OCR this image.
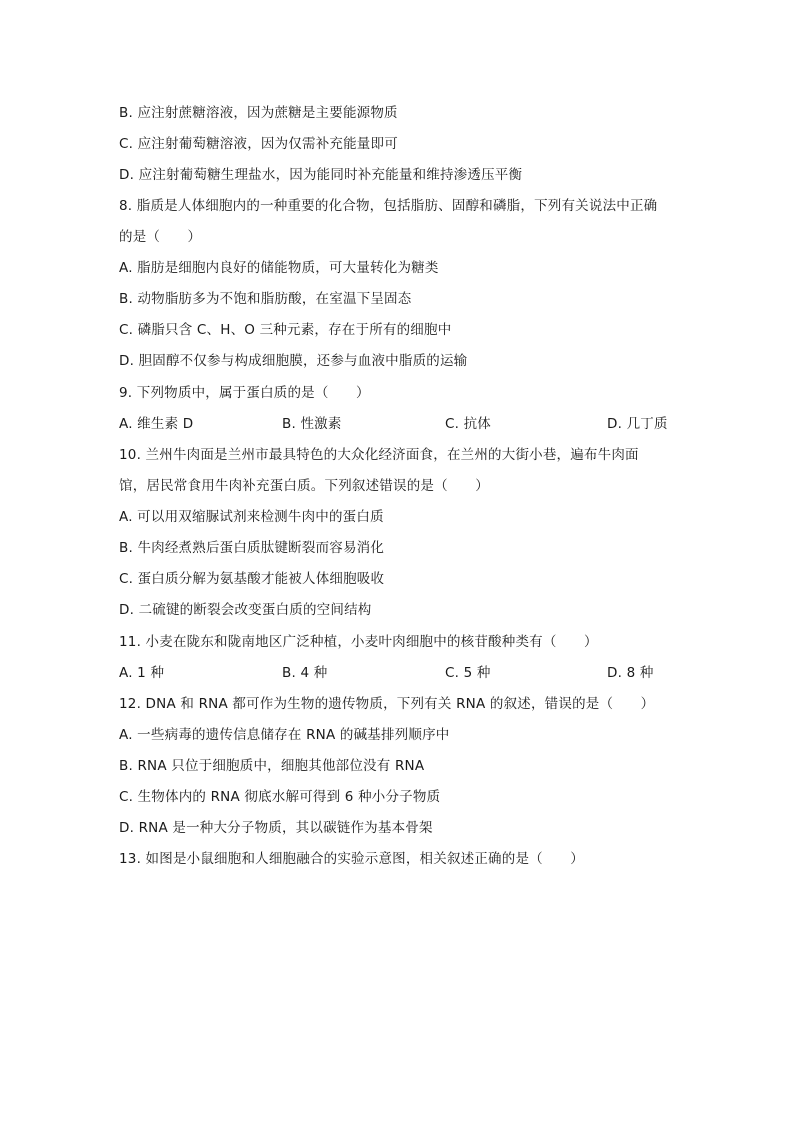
B. 应注射蔗糖溶液，因为蔗糖是主要能源物质
C. 应注射葡萄糖溶液，因为仅需补充能量即可
D. 应注射葡萄糖生理盐水，因为能同时补充能量和维持渗透压平衡
8. 脂质是人体细胞内的一种重要的化合物，包括脂肪、固醇和磷脂，下列有关说法中正确
的是（　　）
A. 脂肪是细胞内良好的储能物质，可大量转化为糖类
B. 动物脂肪多为不饱和脂肪酸，在室温下呈固态
C. 磷脂只含 C、H、O 三种元素，存在于所有的细胞中
D. 胆固醇不仅参与构成细胞膜，还参与血液中脂质的运输
9. 下列物质中，属于蛋白质的是（　　）
A. 维生素 D	B. 性激素	C. 抗体	D. 几丁质
10. 兰州牛肉面是兰州市最具特色的大众化经济面食，在兰州的大街小巷，遍布牛肉面
馆，居民常食用牛肉补充蛋白质。下列叙述错误的是（　　）
A. 可以用双缩脲试剂来检测牛肉中的蛋白质
B. 牛肉经煮熟后蛋白质肽键断裂而容易消化
C. 蛋白质分解为氨基酸才能被人体细胞吸收
D. 二硫键的断裂会改变蛋白质的空间结构
11. 小麦在陇东和陇南地区广泛种植，小麦叶肉细胞中的核苷酸种类有（　　）
A. 1 种	B. 4 种	C. 5 种	D. 8 种
12. DNA 和 RNA 都可作为生物的遗传物质，下列有关 RNA 的叙述，错误的是（　　）
A. 一些病毒的遗传信息储存在 RNA 的碱基排列顺序中
B. RNA 只位于细胞质中，细胞其他部位没有 RNA
C. 生物体内的 RNA 彻底水解可得到 6 种小分子物质
D. RNA 是一种大分子物质，其以碳链作为基本骨架
13. 如图是小鼠细胞和人细胞融合的实验示意图，相关叙述正确的是（　　）
